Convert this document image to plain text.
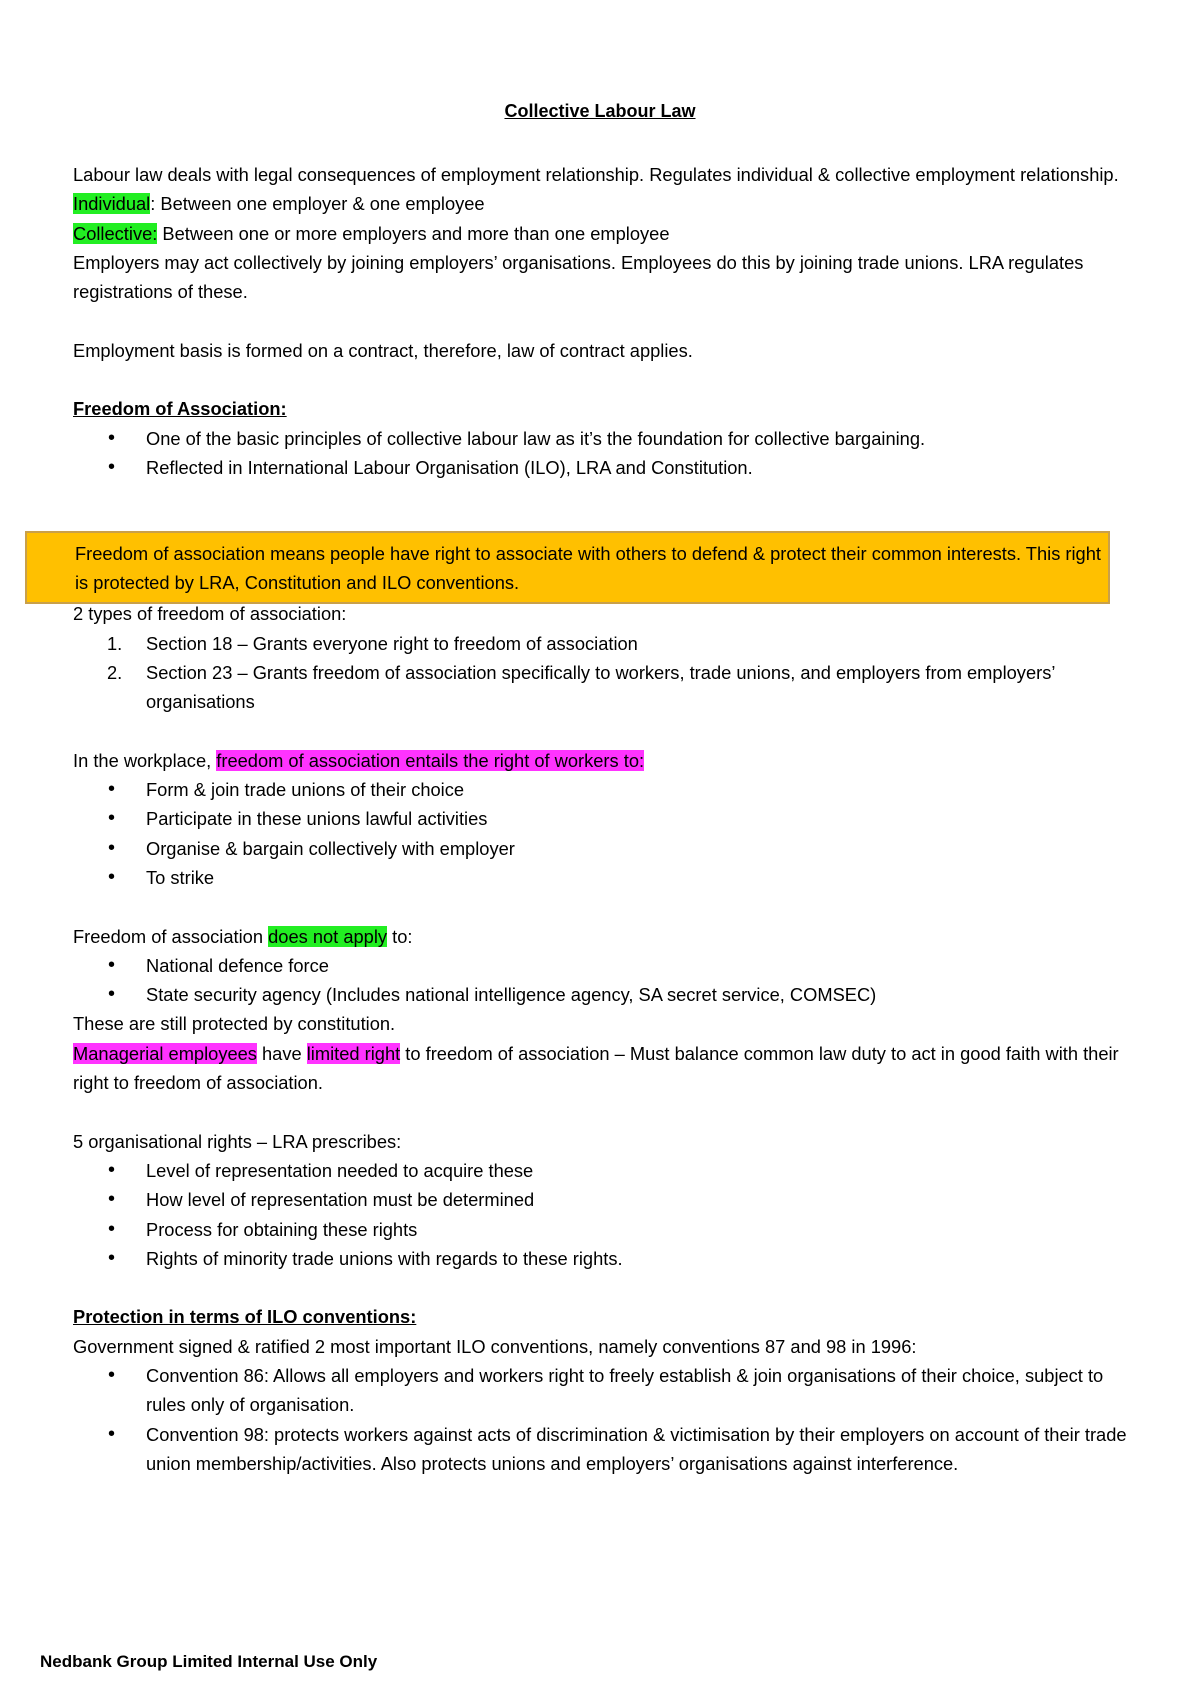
Collective Labour Law
Freedom of association means people have right to associate with others to defend & protect their common interests. This right is protected by LRA, Constitution and ILO conventions.

Labour law deals with legal consequences of employment relationship. Regulates individual & collective employment relationship.

Individual: Between one employer & one employee

Collective: Between one or more employers and more than one employee

Employers may act collectively by joining employers’ organisations. Employees do this by joining trade unions. LRA regulates registrations of these.

Employment basis is formed on a contract, therefore, law of contract applies.

Freedom of Association:

• One of the basic principles of collective labour law as it’s the foundation for collective bargaining.
• Reflected in International Labour Organisation (ILO), LRA and Constitution.

2 types of freedom of association:

1. Section 18 – Grants everyone right to freedom of association
2. Section 23 – Grants freedom of association specifically to workers, trade unions, and employers from employers’ organisations

In the workplace, freedom of association entails the right of workers to:

• Form & join trade unions of their choice
• Participate in these unions lawful activities
• Organise & bargain collectively with employer
• To strike

Freedom of association does not apply to:

• National defence force
• State security agency (Includes national intelligence agency, SA secret service, COMSEC)

These are still protected by constitution.

Managerial employees have limited right to freedom of association – Must balance common law duty to act in good faith with their right to freedom of association.

5 organisational rights – LRA prescribes:

• Level of representation needed to acquire these
• How level of representation must be determined
• Process for obtaining these rights
• Rights of minority trade unions with regards to these rights.

Protection in terms of ILO conventions:

Government signed & ratified 2 most important ILO conventions, namely conventions 87 and 98 in 1996:

• Convention 86: Allows all employers and workers right to freely establish & join organisations of their choice, subject to rules only of organisation.
• Convention 98: protects workers against acts of discrimination & victimisation by their employers on account of their trade union membership/activities. Also protects unions and employers’ organisations against interference.
Nedbank Group Limited Internal Use Only
